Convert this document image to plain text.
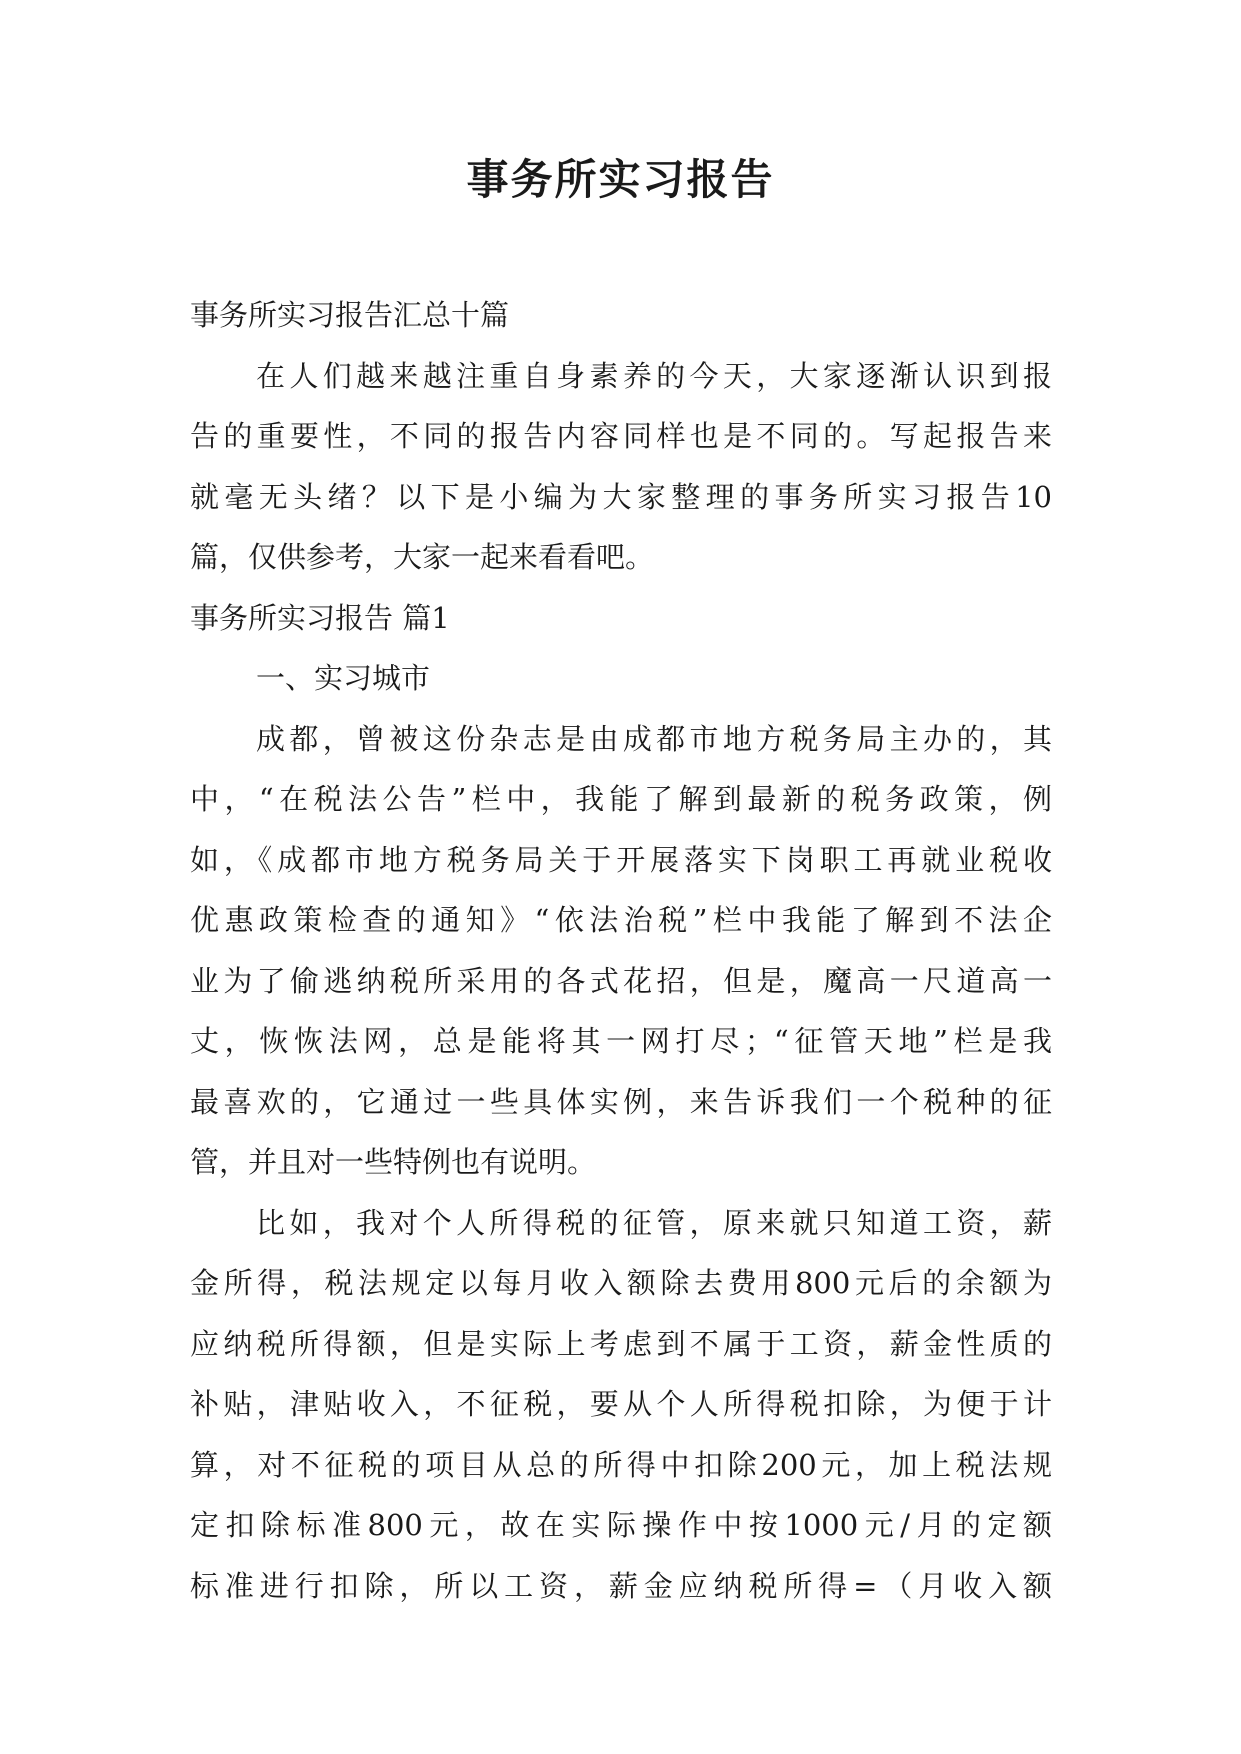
事务所实习报告
事务所实习报告汇总十篇
在人们越来越注重自身素养的今天，大家逐渐认识到报
告的重要性，不同的报告内容同样也是不同的。写起报告来
就毫无头绪？以下是小编为大家整理的事务所实习报告10
篇，仅供参考，大家一起来看看吧。
事务所实习报告 篇1
一、实习城市
成都，曾被这份杂志是由成都市地方税务局主办的，其
中，“在税法公告”栏中，我能了解到最新的税务政策，例
如，《成都市地方税务局关于开展落实下岗职工再就业税收
优惠政策检查的通知》“依法治税”栏中我能了解到不法企
业为了偷逃纳税所采用的各式花招，但是，魔高一尺道高一
丈，恢恢法网，总是能将其一网打尽；“征管天地”栏是我
最喜欢的，它通过一些具体实例，来告诉我们一个税种的征
管，并且对一些特例也有说明。
比如，我对个人所得税的征管，原来就只知道工资，薪
金所得，税法规定以每月收入额除去费用800元后的余额为
应纳税所得额，但是实际上考虑到不属于工资，薪金性质的
补贴，津贴收入，不征税，要从个人所得税扣除，为便于计
算，对不征税的项目从总的所得中扣除200元，加上税法规
定扣除标准800元，故在实际操作中按1000元/月的定额
标准进行扣除，所以工资，薪金应纳税所得=（月收入额
